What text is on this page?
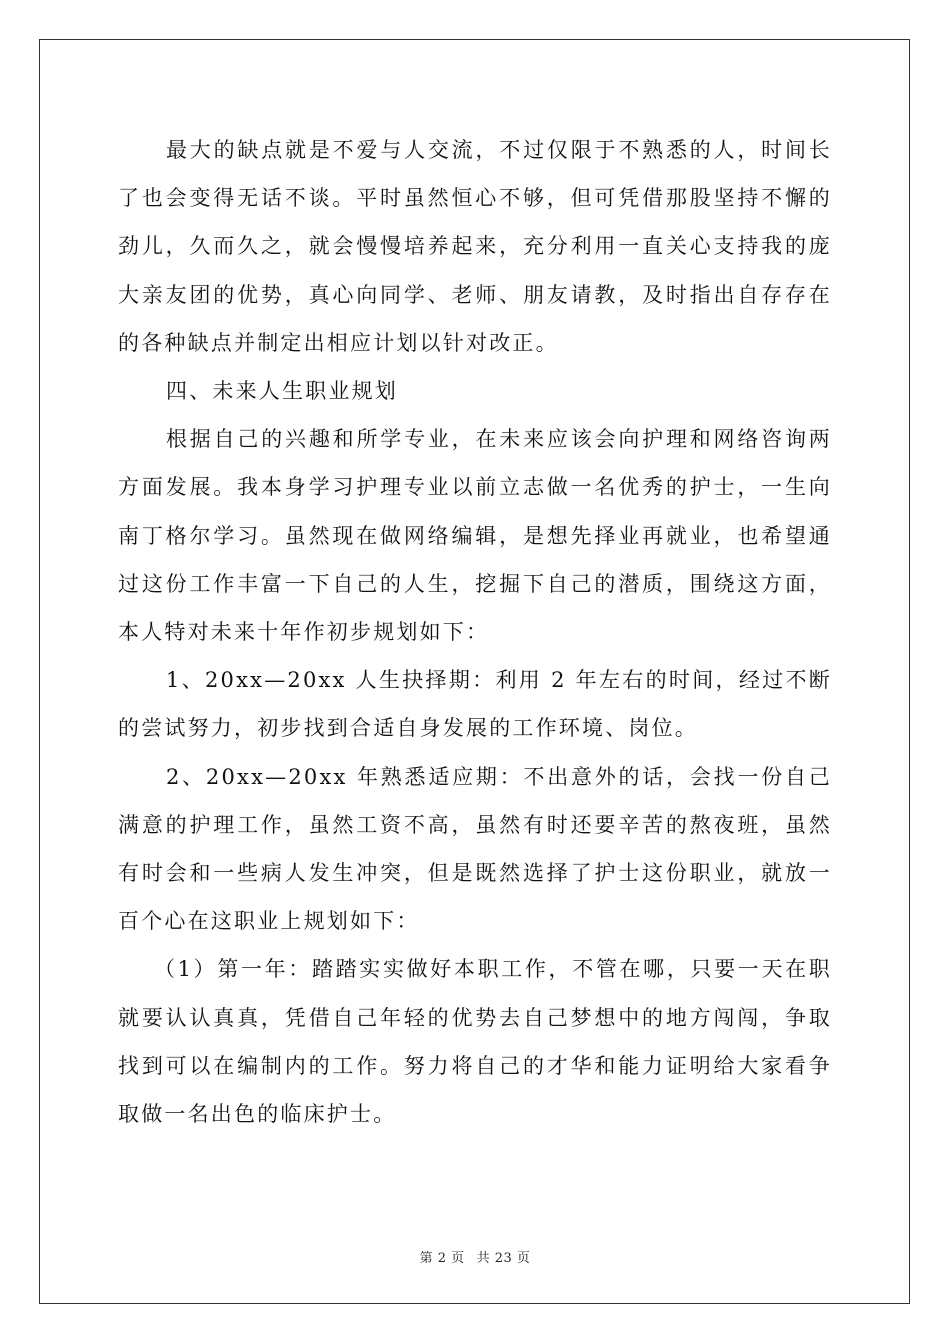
最大的缺点就是不爱与人交流，不过仅限于不熟悉的人，时间长了也会变得无话不谈。平时虽然恒心不够，但可凭借那股坚持不懈的劲儿，久而久之，就会慢慢培养起来，充分利用一直关心支持我的庞大亲友团的优势，真心向同学、老师、朋友请教，及时指出自存存在的各种缺点并制定出相应计划以针对改正。

四、未来人生职业规划

根据自己的兴趣和所学专业，在未来应该会向护理和网络咨询两方面发展。我本身学习护理专业以前立志做一名优秀的护士，一生向南丁格尔学习。虽然现在做网络编辑，是想先择业再就业，也希望通过这份工作丰富一下自己的人生，挖掘下自己的潜质，围绕这方面，本人特对未来十年作初步规划如下：

1、20xx—20xx 人生抉择期：利用 2 年左右的时间，经过不断的尝试努力，初步找到合适自身发展的工作环境、岗位。

2、20xx—20xx 年熟悉适应期：不出意外的话，会找一份自己满意的护理工作，虽然工资不高，虽然有时还要辛苦的熬夜班，虽然有时会和一些病人发生冲突，但是既然选择了护士这份职业，就放一百个心在这职业上规划如下：

（1）第一年：踏踏实实做好本职工作，不管在哪，只要一天在职就要认认真真，凭借自己年轻的优势去自己梦想中的地方闯闯，争取找到可以在编制内的工作。努力将自己的才华和能力证明给大家看争取做一名出色的临床护士。

第 2 页 共 23 页
